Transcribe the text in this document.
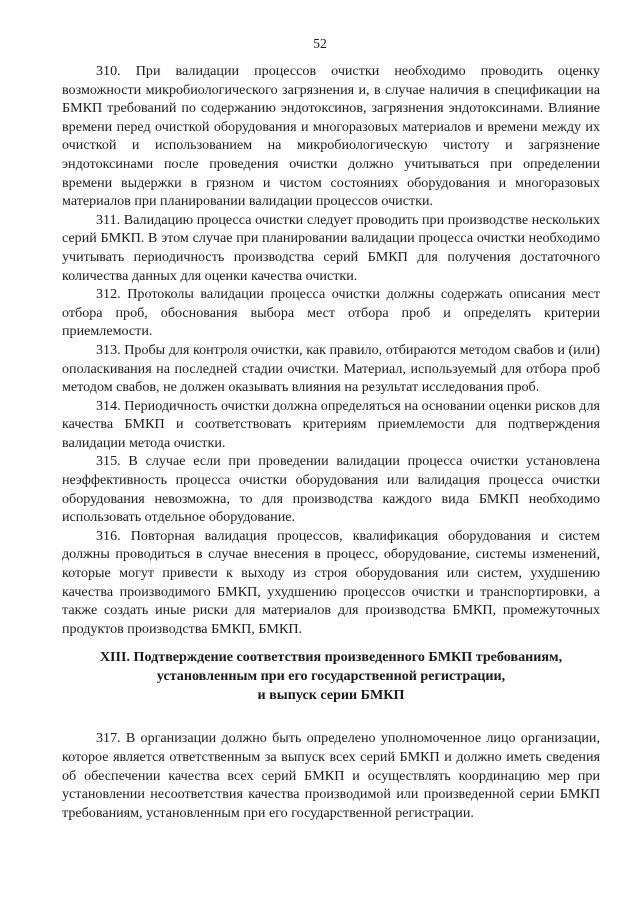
52

310. При валидации процессов очистки необходимо проводить оценку возможности микробиологического загрязнения и, в случае наличия в спецификации на БМКП требований по содержанию эндотоксинов, загрязнения эндотоксинами. Влияние времени перед очисткой оборудования и многоразовых материалов и времени между их очисткой и использованием на микробиологическую чистоту и загрязнение эндотоксинами после проведения очистки должно учитываться при определении времени выдержки в грязном и чистом состояниях оборудования и многоразовых материалов при планировании валидации процессов очистки.

311. Валидацию процесса очистки следует проводить при производстве нескольких серий БМКП. В этом случае при планировании валидации процесса очистки необходимо учитывать периодичность производства серий БМКП для получения достаточного количества данных для оценки качества очистки.

312. Протоколы валидации процесса очистки должны содержать описания мест отбора проб, обоснования выбора мест отбора проб и определять критерии приемлемости.

313. Пробы для контроля очистки, как правило, отбираются методом свабов и (или) ополаскивания на последней стадии очистки. Материал, используемый для отбора проб методом свабов, не должен оказывать влияния на результат исследования проб.

314. Периодичность очистки должна определяться на основании оценки рисков для качества БМКП и соответствовать критериям приемлемости для подтверждения валидации метода очистки.

315. В случае если при проведении валидации процесса очистки установлена неэффективность процесса очистки оборудования или валидация процесса очистки оборудования невозможна, то для производства каждого вида БМКП необходимо использовать отдельное оборудование.

316. Повторная валидация процессов, квалификация оборудования и систем должны проводиться в случае внесения в процесс, оборудование, системы изменений, которые могут привести к выходу из строя оборудования или систем, ухудшению качества производимого БМКП, ухудшению процессов очистки и транспортировки, а также создать иные риски для материалов для производства БМКП, промежуточных продуктов производства БМКП, БМКП.

XIII. Подтверждение соответствия произведенного БМКП требованиям,
установленным при его государственной регистрации,
и выпуск серии БМКП

317. В организации должно быть определено уполномоченное лицо организации, которое является ответственным за выпуск всех серий БМКП и должно иметь сведения об обеспечении качества всех серий БМКП и осуществлять координацию мер при установлении несоответствия качества производимой или произведенной серии БМКП требованиям, установленным при его государственной регистрации.
